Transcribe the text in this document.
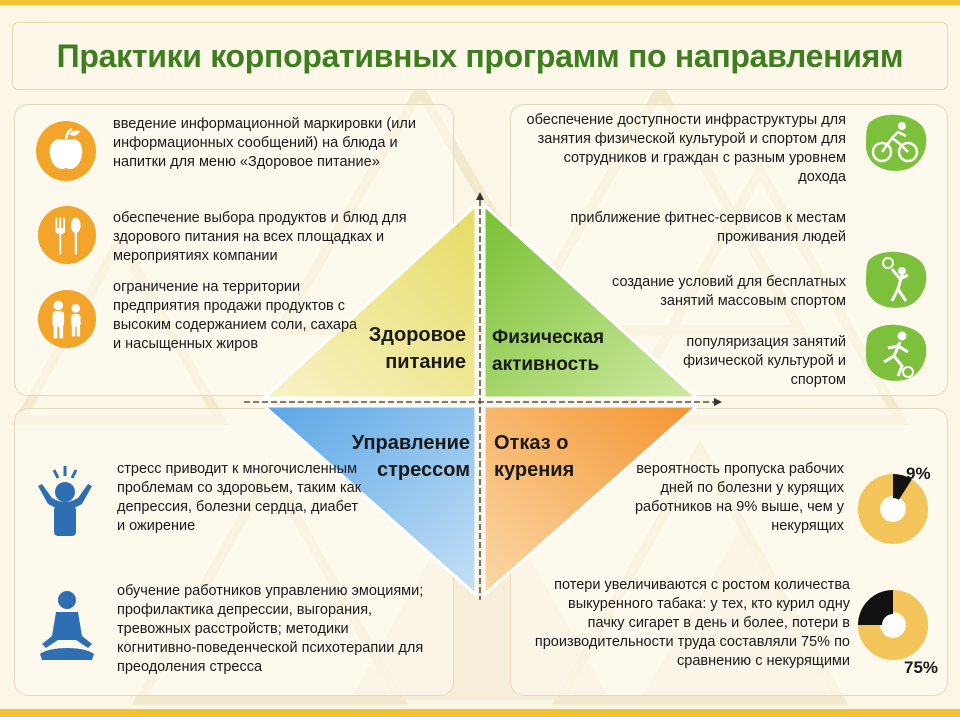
Практики корпоративных программ по направлениям
Здоровое питание
Физическая активность
Управление стрессом
Отказ о курения
введение информационной маркировки (или информационных сообщений) на блюда и напитки для меню «Здоровое питание»
обеспечение выбора продуктов и блюд для здорового питания на всех площадках и мероприятиях компании
ограничение на территории предприятия продажи продуктов с высоким содержанием соли, сахара и насыщенных жиров
обеспечение доступности инфраструктуры для занятия физической культурой и спортом для сотрудников и граждан с разным уровнем дохода
приближение фитнес-сервисов к местам проживания людей
создание условий для бесплатных занятий массовым спортом
популяризация занятий физической культурой и спортом
стресс приводит к многочисленным проблемам со здоровьем, таким как депрессия, болезни сердца, диабет и ожирение
обучение работников управлению эмоциями; профилактика депрессии, выгорания, тревожных расстройств; методики когнитивно-поведенческой психотерапии для преодоления стресса
вероятность пропуска рабочих дней по болезни у курящих работников на 9% выше, чем у некурящих
потери увеличиваются с ростом количества выкуренного табака: у тех, кто курил одну пачку сигарет в день и более, потери в производительности труда составляли 75% по сравнению с некурящими
9%
75%
